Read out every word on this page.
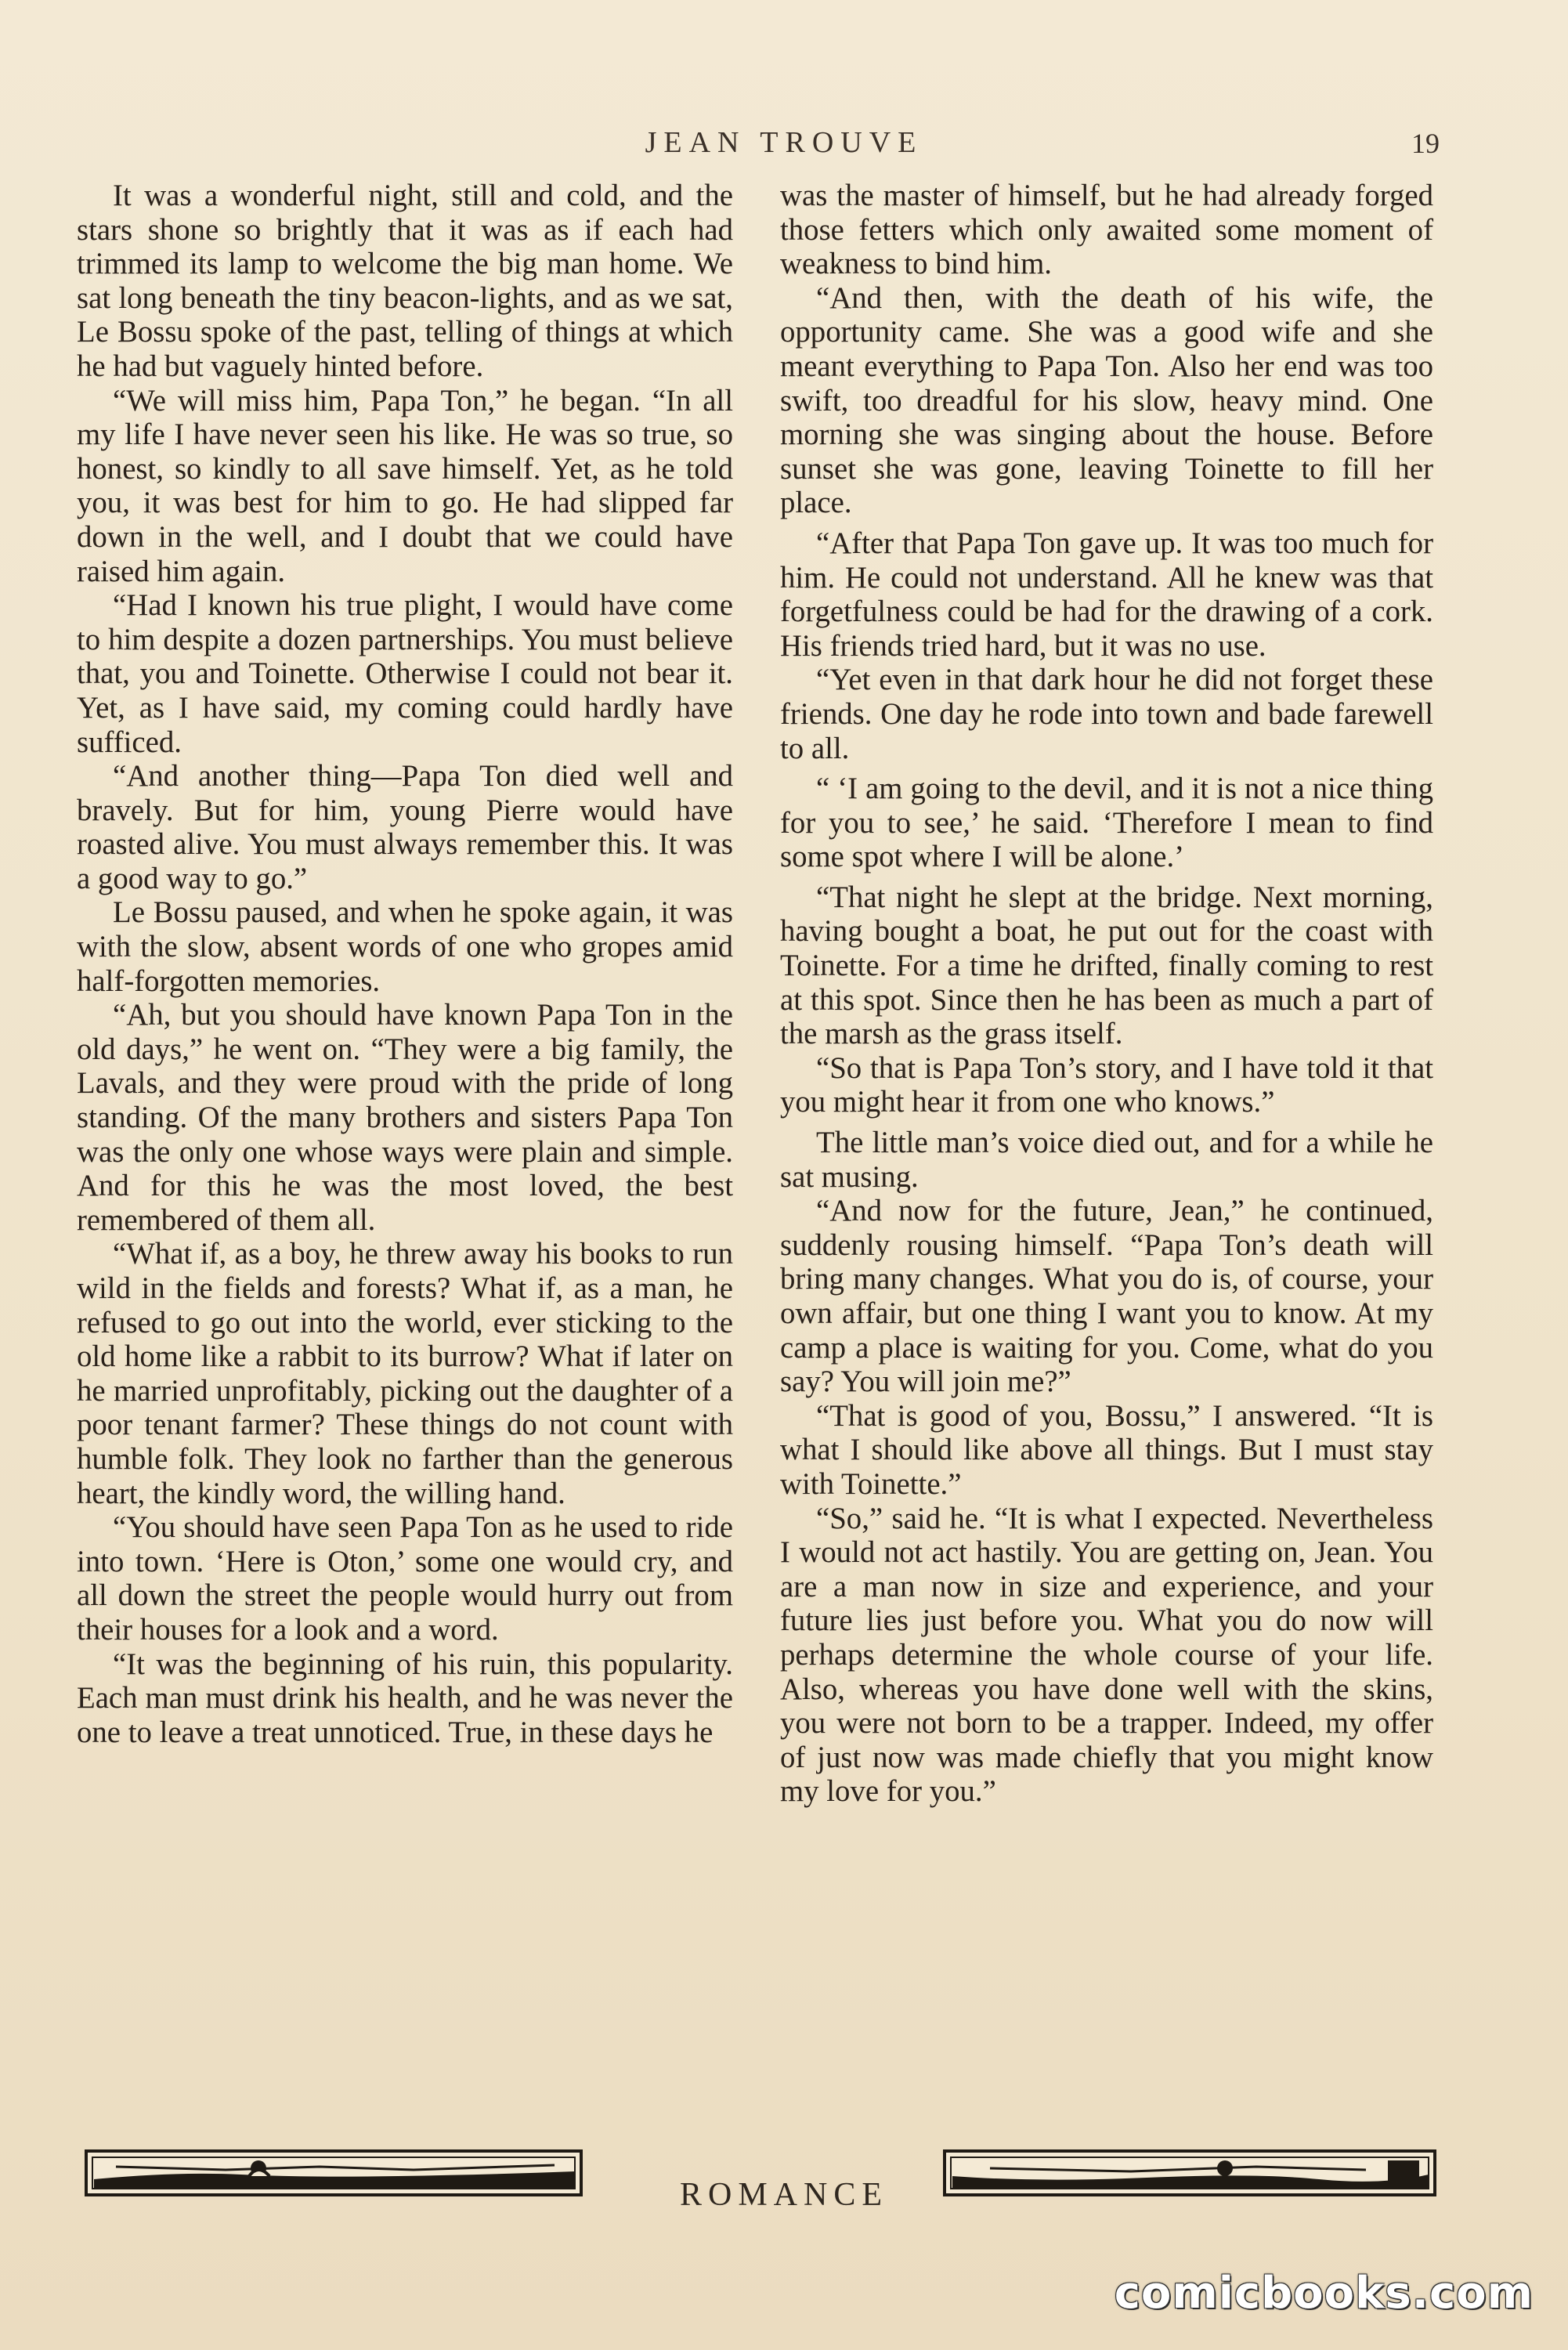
JEAN TROUVE	19

It was a wonderful night, still and cold, and the stars shone so brightly that it was as if each had trimmed its lamp to welcome the big man home. We sat long beneath the tiny beacon-lights, and as we sat, Le Bossu spoke of the past, telling of things at which he had but vaguely hinted before.

“We will miss him, Papa Ton,” he began. “In all my life I have never seen his like. He was so true, so honest, so kindly to all save himself. Yet, as he told you, it was best for him to go. He had slipped far down in the well, and I doubt that we could have raised him again.

“Had I known his true plight, I would have come to him despite a dozen partnerships. You must believe that, you and Toinette. Otherwise I could not bear it. Yet, as I have said, my coming could hardly have sufficed.

“And another thing—Papa Ton died well and bravely. But for him, young Pierre would have roasted alive. You must always remember this. It was a good way to go.”

Le Bossu paused, and when he spoke again, it was with the slow, absent words of one who gropes amid half-forgotten memories.

“Ah, but you should have known Papa Ton in the old days,” he went on. “They were a big family, the Lavals, and they were proud with the pride of long standing. Of the many brothers and sisters Papa Ton was the only one whose ways were plain and simple. And for this he was the most loved, the best remembered of them all.

“What if, as a boy, he threw away his books to run wild in the fields and forests? What if, as a man, he refused to go out into the world, ever sticking to the old home like a rabbit to its burrow? What if later on he married unprofitably, picking out the daughter of a poor tenant farmer? These things do not count with humble folk. They look no farther than the generous heart, the kindly word, the willing hand.

“You should have seen Papa Ton as he used to ride into town. ‘Here is Oton,’ some one would cry, and all down the street the people would hurry out from their houses for a look and a word.

“It was the beginning of his ruin, this popularity. Each man must drink his health, and he was never the one to leave a treat unnoticed. True, in these days he

was the master of himself, but he had already forged those fetters which only awaited some moment of weakness to bind him.

“And then, with the death of his wife, the opportunity came. She was a good wife and she meant everything to Papa Ton. Also her end was too swift, too dreadful for his slow, heavy mind. One morning she was singing about the house. Before sunset she was gone, leaving Toinette to fill her place.

“After that Papa Ton gave up. It was too much for him. He could not understand. All he knew was that forgetfulness could be had for the drawing of a cork. His friends tried hard, but it was no use.

“Yet even in that dark hour he did not forget these friends. One day he rode into town and bade farewell to all.

“ ‘I am going to the devil, and it is not a nice thing for you to see,’ he said. ‘Therefore I mean to find some spot where I will be alone.’

“That night he slept at the bridge. Next morning, having bought a boat, he put out for the coast with Toinette. For a time he drifted, finally coming to rest at this spot. Since then he has been as much a part of the marsh as the grass itself.

“So that is Papa Ton’s story, and I have told it that you might hear it from one who knows.”

The little man’s voice died out, and for a while he sat musing.

“And now for the future, Jean,” he continued, suddenly rousing himself. “Papa Ton’s death will bring many changes. What you do is, of course, your own affair, but one thing I want you to know. At my camp a place is waiting for you. Come, what do you say? You will join me?”

“That is good of you, Bossu,” I answered. “It is what I should like above all things. But I must stay with Toinette.”

“So,” said he. “It is what I expected. Nevertheless I would not act hastily. You are getting on, Jean. You are a man now in size and experience, and your future lies just before you. What you do now will perhaps determine the whole course of your life. Also, whereas you have done well with the skins, you were not born to be a trapper. Indeed, my offer of just now was made chiefly that you might know my love for you.”

ROMANCE
comicbooks.com
